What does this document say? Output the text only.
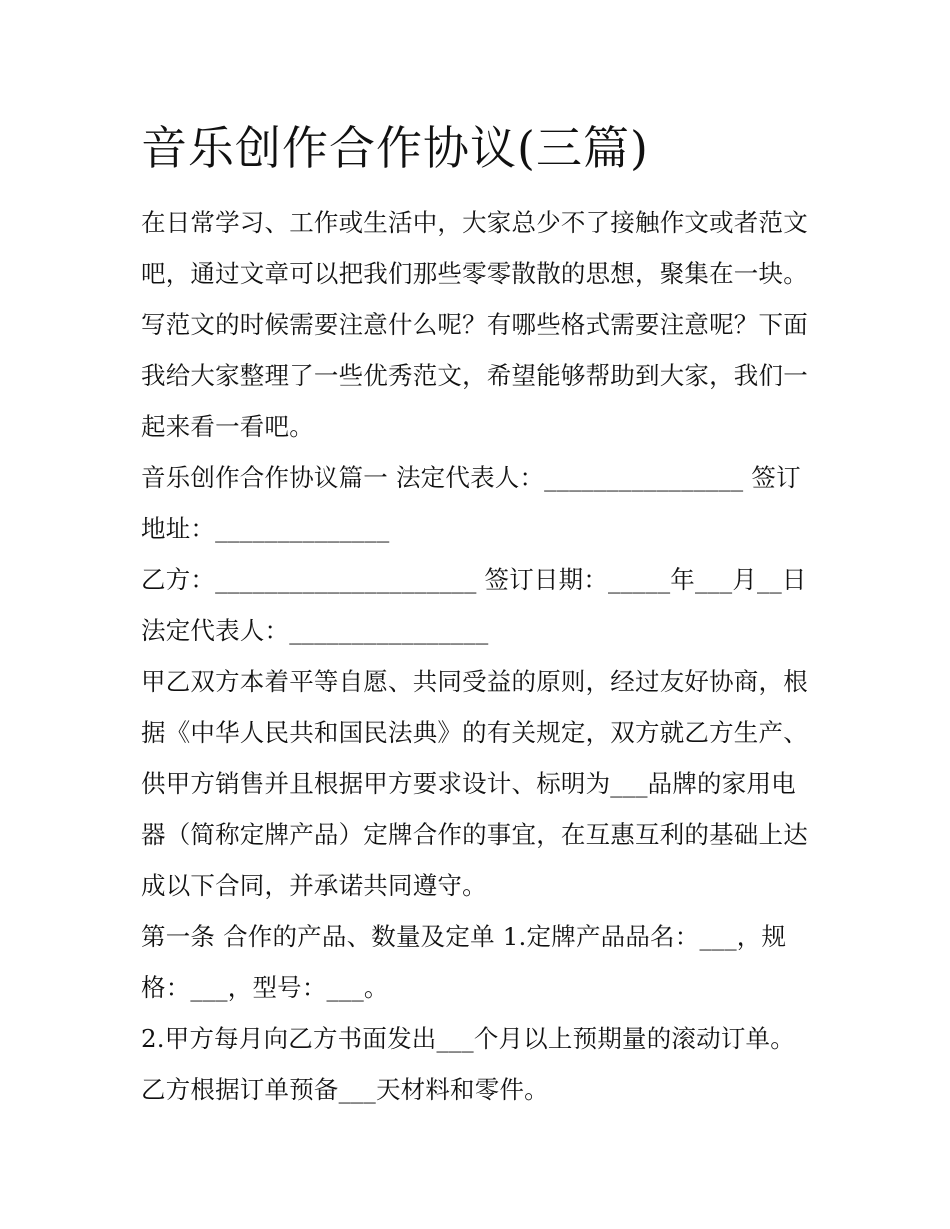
音乐创作合作协议(三篇)
在日常学习、工作或生活中，大家总少不了接触作文或者范文
吧，通过文章可以把我们那些零零散散的思想，聚集在一块。
写范文的时候需要注意什么呢？有哪些格式需要注意呢？下面
我给大家整理了一些优秀范文，希望能够帮助到大家，我们一
起来看一看吧。
音乐创作合作协议篇一 法定代表人：________________ 签订
地址：______________
乙方：_____________________ 签订日期：_____年___月__日
法定代表人：________________
甲乙双方本着平等自愿、共同受益的原则，经过友好协商，根
据《中华人民共和国民法典》的有关规定，双方就乙方生产、
供甲方销售并且根据甲方要求设计、标明为___品牌的家用电
器（简称定牌产品）定牌合作的事宜，在互惠互利的基础上达
成以下合同，并承诺共同遵守。
第一条 合作的产品、数量及定单 1.定牌产品品名：___，规
格：___，型号：___。
2.甲方每月向乙方书面发出___个月以上预期量的滚动订单。
乙方根据订单预备___天材料和零件。
